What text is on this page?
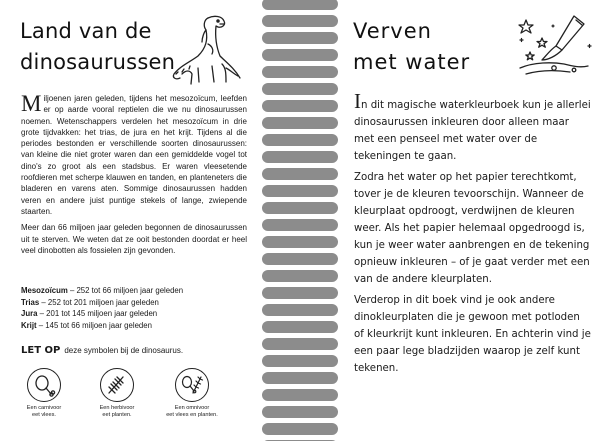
Land van de
dinosaurussen

Miljoenen jaren geleden, tijdens het mesozoïcum, leefden er op aarde vooral reptielen die we nu dinosaurussen noemen. Wetenschappers verdelen het mesozoïcum in drie grote tijdvakken: het trias, de jura en het krijt. Tijdens al die periodes bestonden er verschillende soorten dinosaurussen: van kleine die niet groter waren dan een gemiddelde vogel tot dino's zo groot als een stadsbus. Er waren vleesetende roofdieren met scherpe klauwen en tanden, en planteneters die bladeren en varens aten. Sommige dinosaurussen hadden veren en andere juist puntige stekels of lange, zwiepende staarten.

Meer dan 66 miljoen jaar geleden begonnen de dinosaurussen uit te sterven. We weten dat ze ooit bestonden doordat er heel veel dinobotten als fossielen zijn gevonden.

Mesozoïcum – 252 tot 66 miljoen jaar geleden
Trias – 252 tot 201 miljoen jaar geleden
Jura – 201 tot 145 miljoen jaar geleden
Krijt – 145 tot 66 miljoen jaar geleden
LET OP deze symbolen bij de dinosaurus.
Een carnivoor
eet vlees.
Een herbivoor
eet planten.
Een omnivoor
eet vlees en planten.
Verven
met water

In dit magische waterkleurboek kun je allerlei dinosaurussen inkleuren door alleen maar met een penseel met water over de tekeningen te gaan.

Zodra het water op het papier terechtkomt, tover je de kleuren tevoorschijn. Wanneer de kleurplaat opdroogt, verdwijnen de kleuren weer. Als het papier helemaal opgedroogd is, kun je weer water aanbrengen en de tekening opnieuw inkleuren – of je gaat verder met een van de andere kleurplaten.

Verderop in dit boek vind je ook andere dinokleurplaten die je gewoon met potloden of kleurkrijt kunt inkleuren. En achterin vind je een paar lege bladzijden waarop je zelf kunt tekenen.
